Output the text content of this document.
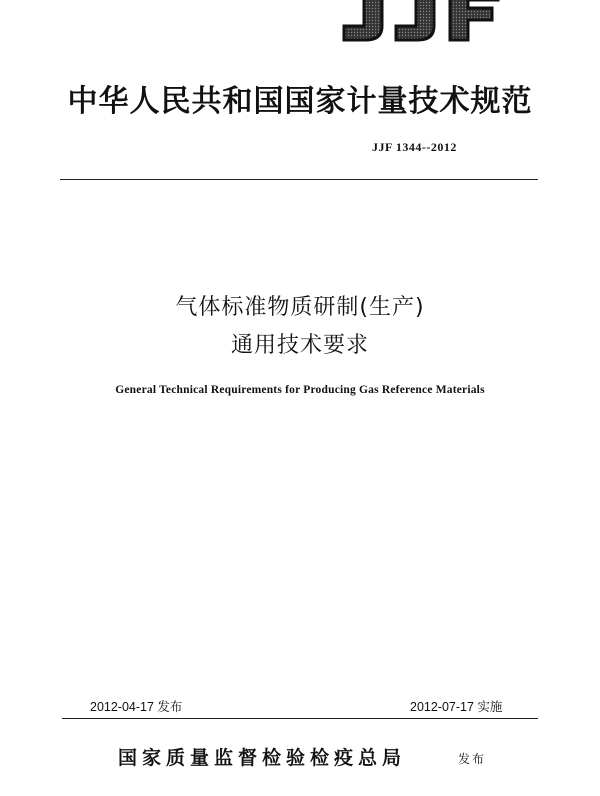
中华人民共和国国家计量技术规范
JJF 1344--2012
气体标准物质研制(生产)
通用技术要求
General Technical Requirements for Producing Gas Reference Materials
2012-04-17 发布	2012-07-17 实施
国家质量监督检验检疫总局	发布
